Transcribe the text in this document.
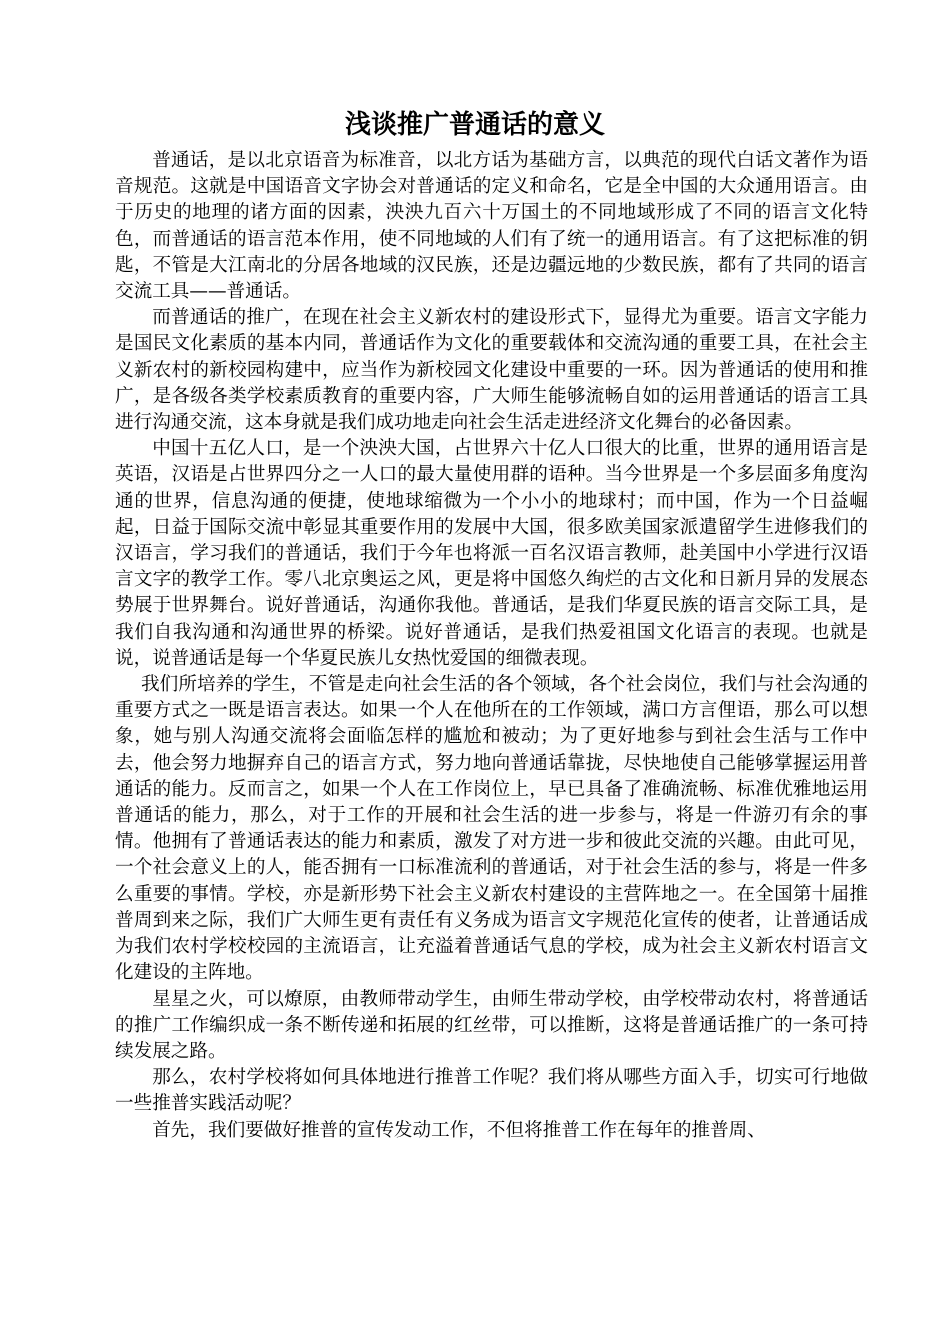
浅谈推广普通话的意义

普通话，是以北京语音为标准音，以北方话为基础方言，以典范的现代白话文著作为语音规范。这就是中国语音文字协会对普通话的定义和命名，它是全中国的大众通用语言。由于历史的地理的诸方面的因素，泱泱九百六十万国土的不同地域形成了不同的语言文化特色，而普通话的语言范本作用，使不同地域的人们有了统一的通用语言。有了这把标准的钥匙，不管是大江南北的分居各地域的汉民族，还是边疆远地的少数民族，都有了共同的语言交流工具——普通话。

而普通话的推广，在现在社会主义新农村的建设形式下，显得尤为重要。语言文字能力是国民文化素质的基本内同，普通话作为文化的重要载体和交流沟通的重要工具，在社会主义新农村的新校园构建中，应当作为新校园文化建设中重要的一环。因为普通话的使用和推广，是各级各类学校素质教育的重要内容，广大师生能够流畅自如的运用普通话的语言工具进行沟通交流，这本身就是我们成功地走向社会生活走进经济文化舞台的必备因素。

中国十五亿人口，是一个泱泱大国，占世界六十亿人口很大的比重，世界的通用语言是英语，汉语是占世界四分之一人口的最大量使用群的语种。当今世界是一个多层面多角度沟通的世界，信息沟通的便捷，使地球缩微为一个小小的地球村；而中国，作为一个日益崛起，日益于国际交流中彰显其重要作用的发展中大国，很多欧美国家派遣留学生进修我们的汉语言，学习我们的普通话，我们于今年也将派一百名汉语言教师，赴美国中小学进行汉语言文字的教学工作。零八北京奥运之风，更是将中国悠久绚烂的古文化和日新月异的发展态势展于世界舞台。说好普通话，沟通你我他。普通话，是我们华夏民族的语言交际工具，是我们自我沟通和沟通世界的桥梁。说好普通话，是我们热爱祖国文化语言的表现。也就是说，说普通话是每一个华夏民族儿女热忱爱国的细微表现。

我们所培养的学生，不管是走向社会生活的各个领域，各个社会岗位，我们与社会沟通的重要方式之一既是语言表达。如果一个人在他所在的工作领域，满口方言俚语，那么可以想象，她与别人沟通交流将会面临怎样的尴尬和被动；为了更好地参与到社会生活与工作中去，他会努力地摒弃自己的语言方式，努力地向普通话靠拢，尽快地使自己能够掌握运用普通话的能力。反而言之，如果一个人在工作岗位上，早已具备了准确流畅、标准优雅地运用普通话的能力，那么，对于工作的开展和社会生活的进一步参与，将是一件游刃有余的事情。他拥有了普通话表达的能力和素质，激发了对方进一步和彼此交流的兴趣。由此可见，一个社会意义上的人，能否拥有一口标准流利的普通话，对于社会生活的参与，将是一件多么重要的事情。学校，亦是新形势下社会主义新农村建设的主营阵地之一。在全国第十届推普周到来之际，我们广大师生更有责任有义务成为语言文字规范化宣传的使者，让普通话成为我们农村学校校园的主流语言，让充溢着普通话气息的学校，成为社会主义新农村语言文化建设的主阵地。

星星之火，可以燎原，由教师带动学生，由师生带动学校，由学校带动农村，将普通话的推广工作编织成一条不断传递和拓展的红丝带，可以推断，这将是普通话推广的一条可持续发展之路。

那么，农村学校将如何具体地进行推普工作呢？我们将从哪些方面入手，切实可行地做一些推普实践活动呢？

首先，我们要做好推普的宣传发动工作，不但将推普工作在每年的推普周、
